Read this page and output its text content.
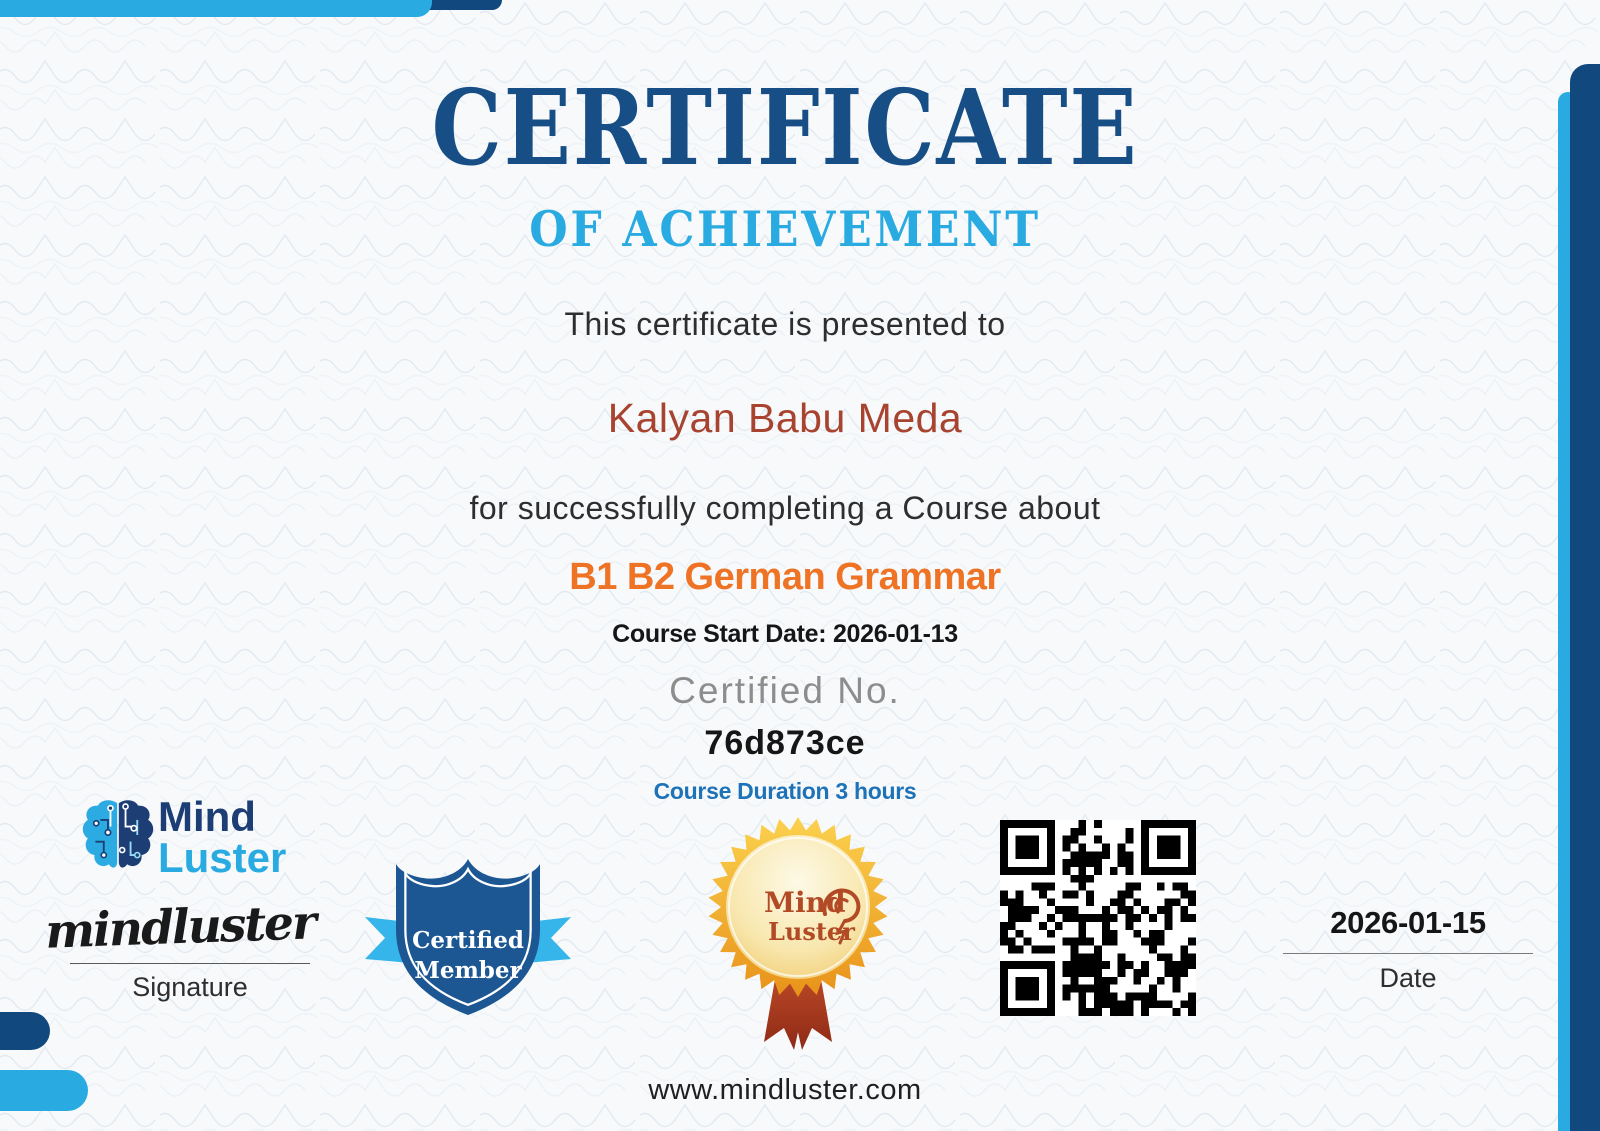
CERTIFICATE
OF ACHIEVEMENT
This certificate is presented to
Kalyan Babu Meda
for successfully completing a Course about
B1 B2 German Grammar
Course Start Date: 2026-01-13
Certified No.
76d873ce
Course Duration 3 hours
Mind
Luster
mindluster
Signature
Certified
Member
Mind
Luster	2026-01-15
Date
www.mindluster.com
